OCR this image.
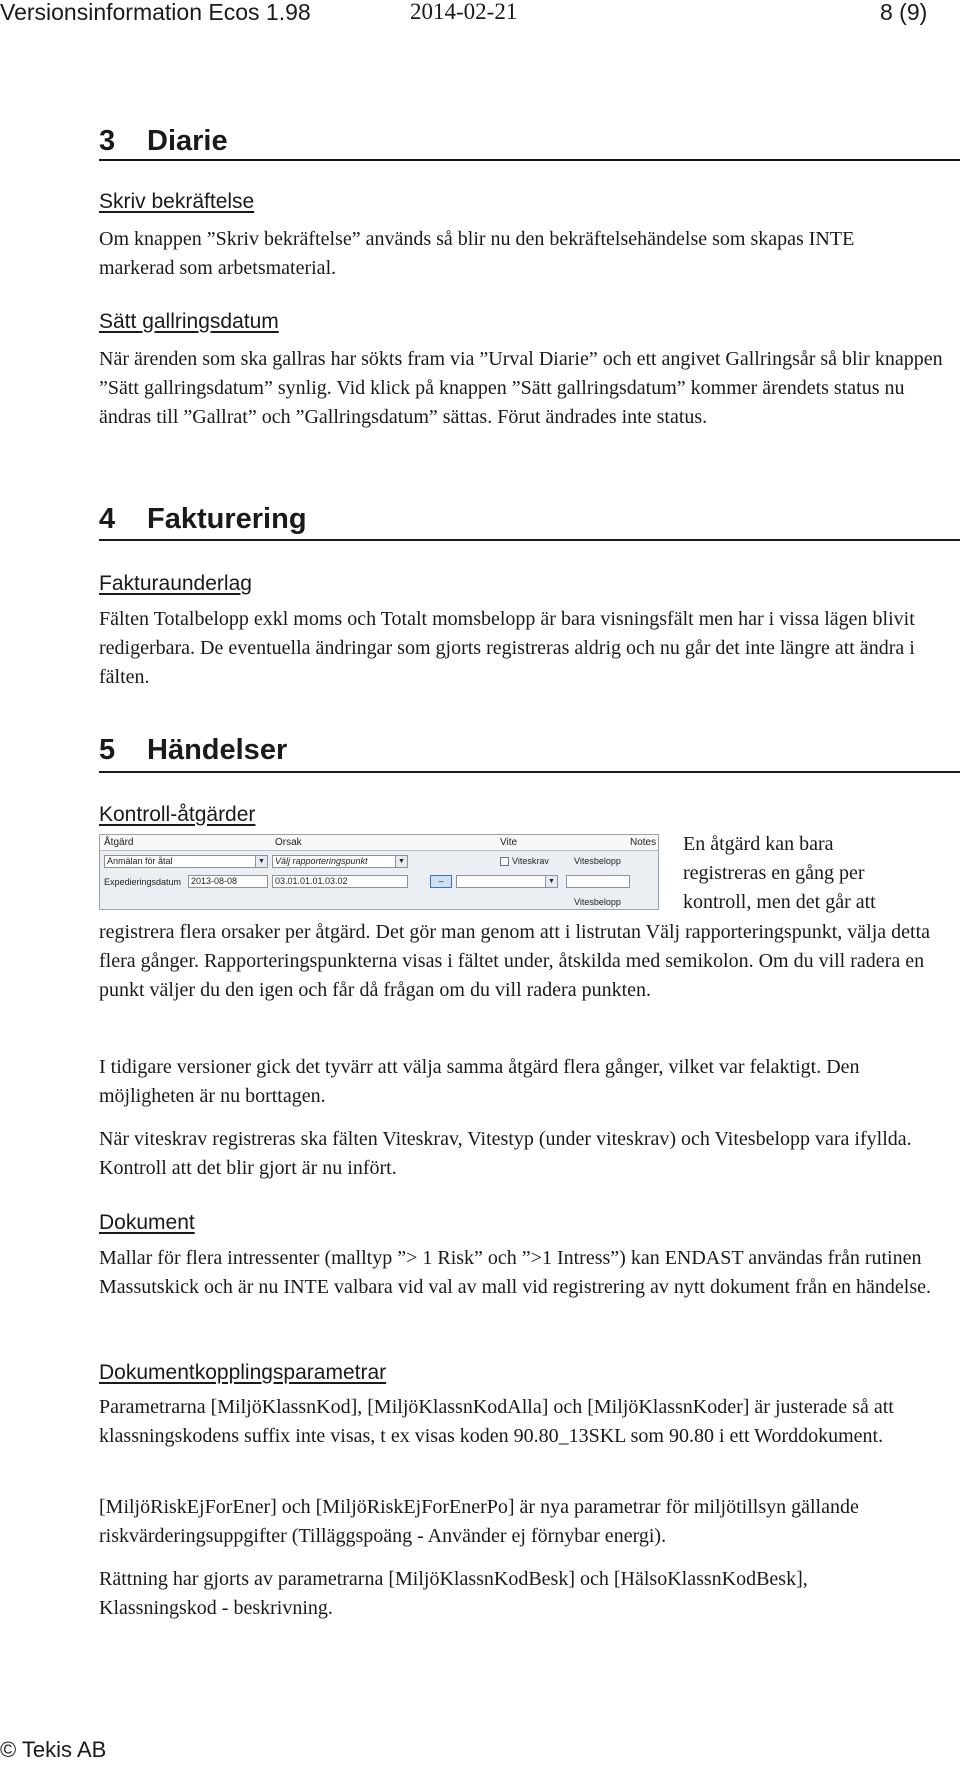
Versionsinformation Ecos 1.98	2014-02-21	8 (9)
3 Diarie
Skriv bekräftelse

Om knappen ”Skriv bekräftelse” används så blir nu den bekräftelsehändelse som skapas INTE markerad som arbetsmaterial.

Sätt gallringsdatum

När ärenden som ska gallras har sökts fram via ”Urval Diarie” och ett angivet Gallringsår så blir knappen ”Sätt gallringsdatum” synlig. Vid klick på knappen ”Sätt gallringsdatum” kommer ärendets status nu ändras till ”Gallrat” och ”Gallringsdatum” sättas. Förut ändrades inte status.

4 Fakturering
Fakturaunderlag

Fälten Totalbelopp exkl moms och Totalt momsbelopp är bara visningsfält men har i vissa lägen blivit redigerbara. De eventuella ändringar som gjorts registreras aldrig och nu går det inte längre att ändra i fälten.

5 Händelser
Kontroll-åtgärder
Åtgärd	Orsak	Vite	Notes
Anmälan för åtal	▼	Välj rapporteringspunkt	▼	Viteskrav	Vitesbelopp
Expedieringsdatum	2013-08-08	03.01.01.01.03.02	–	▼
Vitesbelopp
En åtgärd kan bara
registreras en gång per
kontroll, men det går att

registrera flera orsaker per åtgärd. Det gör man genom att i listrutan Välj rapporteringspunkt, välja detta flera gånger. Rapporteringspunkterna visas i fältet under, åtskilda med semikolon. Om du vill radera en punkt väljer du den igen och får då frågan om du vill radera punkten.

I tidigare versioner gick det tyvärr att välja samma åtgärd flera gånger, vilket var felaktigt. Den möjligheten är nu borttagen.

När viteskrav registreras ska fälten Viteskrav, Vitestyp (under viteskrav) och Vitesbelopp vara ifyllda. Kontroll att det blir gjort är nu infört.

Dokument

Mallar för flera intressenter (malltyp ”> 1 Risk” och ”>1 Intress”) kan ENDAST användas från rutinen Massutskick och är nu INTE valbara vid val av mall vid registrering av nytt dokument från en händelse.

Dokumentkopplingsparametrar

Parametrarna [MiljöKlassnKod], [MiljöKlassnKodAlla] och [MiljöKlassnKoder] är justerade så att klassningskodens suffix inte visas, t ex visas koden 90.80_13SKL som 90.80 i ett Worddokument.

[MiljöRiskEjForEner] och [MiljöRiskEjForEnerPo] är nya parametrar för miljötillsyn gällande riskvärderingsuppgifter (Tilläggspoäng - Använder ej förnybar energi).

Rättning har gjorts av parametrarna [MiljöKlassnKodBesk] och [HälsoKlassnKodBesk], Klassningskod - beskrivning.

© Tekis AB
